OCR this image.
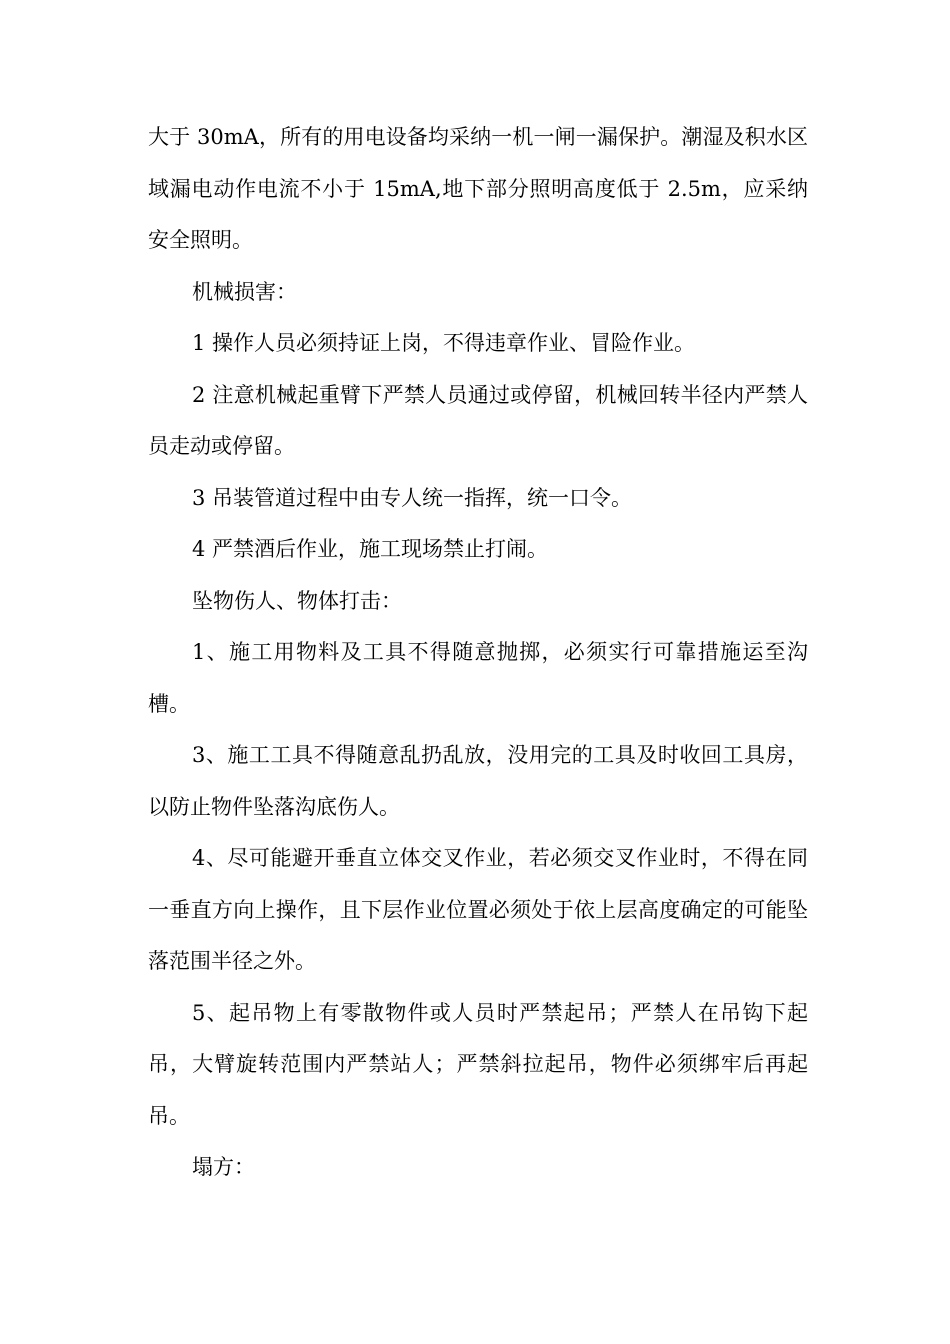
大于 30mA，所有的用电设备均采纳一机一闸一漏保护。潮湿及积水区域漏电动作电流不小于 15mA,地下部分照明高度低于 2.5m，应采纳安全照明。

机械损害：

1 操作人员必须持证上岗，不得违章作业、冒险作业。

2 注意机械起重臂下严禁人员通过或停留，机械回转半径内严禁人员走动或停留。

3 吊装管道过程中由专人统一指挥，统一口令。

4 严禁酒后作业，施工现场禁止打闹。

坠物伤人、物体打击：

1、施工用物料及工具不得随意抛掷，必须实行可靠措施运至沟槽。

3、施工工具不得随意乱扔乱放，没用完的工具及时收回工具房，以防止物件坠落沟底伤人。

4、尽可能避开垂直立体交叉作业，若必须交叉作业时，不得在同一垂直方向上操作，且下层作业位置必须处于依上层高度确定的可能坠落范围半径之外。

5、起吊物上有零散物件或人员时严禁起吊；严禁人在吊钩下起吊，大臂旋转范围内严禁站人；严禁斜拉起吊，物件必须绑牢后再起吊。

塌方：
